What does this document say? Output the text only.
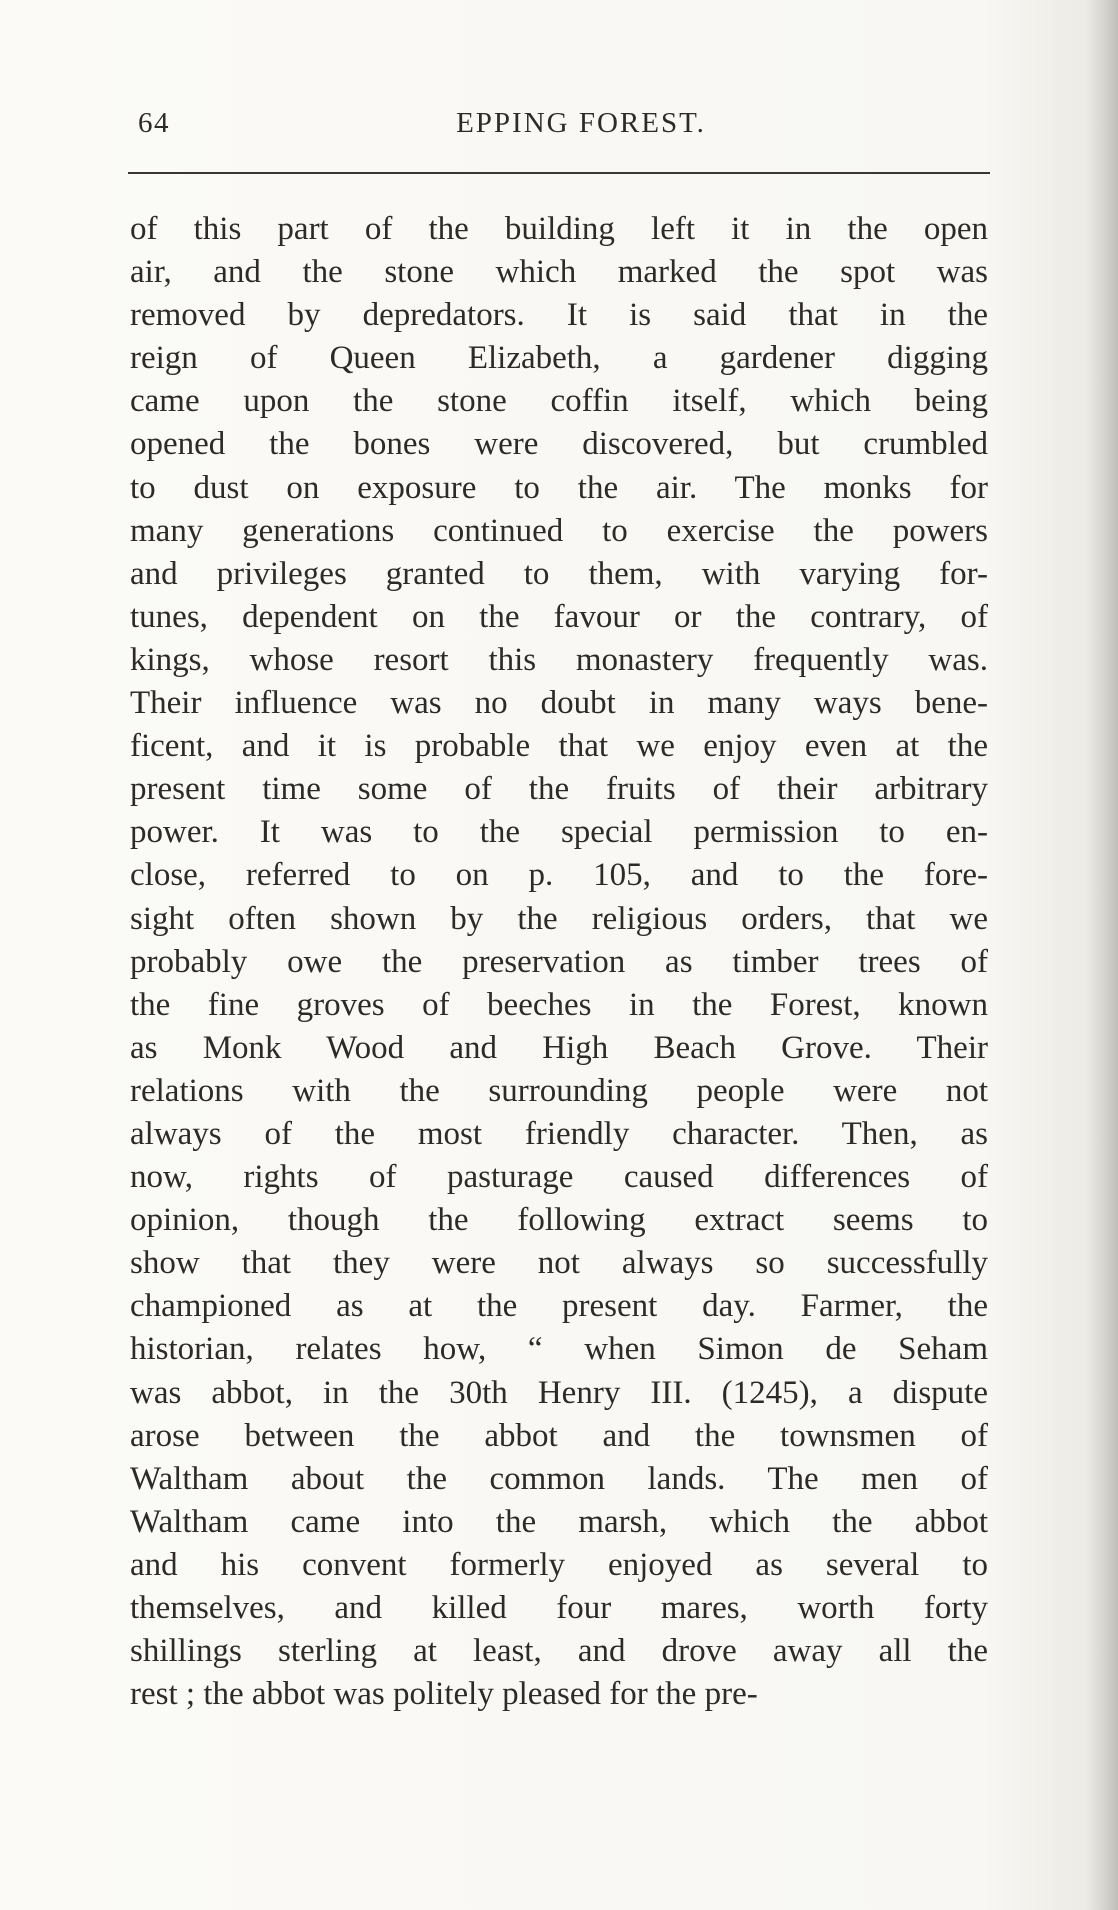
64	EPPING FOREST.
of this part of the building left it in the open
air, and the stone which marked the spot was
removed by depredators. It is said that in the
reign of Queen Elizabeth, a gardener digging
came upon the stone coffin itself, which being
opened the bones were discovered, but crumbled
to dust on exposure to the air. The monks for
many generations continued to exercise the powers
and privileges granted to them, with varying for-
tunes, dependent on the favour or the contrary, of
kings, whose resort this monastery frequently was.
Their influence was no doubt in many ways bene-
ficent, and it is probable that we enjoy even at the
present time some of the fruits of their arbitrary
power. It was to the special permission to en-
close, referred to on p. 105, and to the fore-
sight often shown by the religious orders, that we
probably owe the preservation as timber trees of
the fine groves of beeches in the Forest, known
as Monk Wood and High Beach Grove. Their
relations with the surrounding people were not
always of the most friendly character. Then, as
now, rights of pasturage caused differences of
opinion, though the following extract seems to
show that they were not always so successfully
championed as at the present day. Farmer, the
historian, relates how, “ when Simon de Seham
was abbot, in the 30th Henry III. (1245), a dispute
arose between the abbot and the townsmen of
Waltham about the common lands. The men of
Waltham came into the marsh, which the abbot
and his convent formerly enjoyed as several to
themselves, and killed four mares, worth forty
shillings sterling at least, and drove away all the
rest ; the abbot was politely pleased for the pre-
